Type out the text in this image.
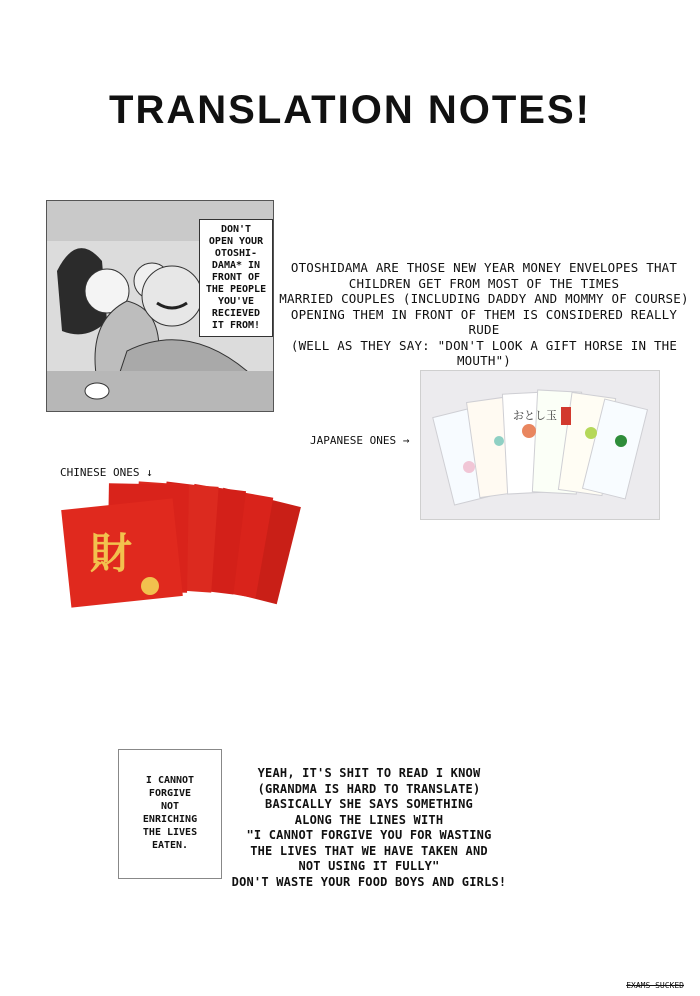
TRANSLATION NOTES!
DON'T
OPEN YOUR
OTOSHI-
DAMA* IN
FRONT OF
THE PEOPLE
YOU'VE
RECIEVED
IT FROM!
OTOSHIDAMA ARE THOSE NEW YEAR MONEY ENVELOPES THAT
CHILDREN GET FROM MOST OF THE TIMES
MARRIED COUPLES (INCLUDING DADDY AND MOMMY OF COURSE)
OPENING THEM IN FRONT OF THEM IS CONSIDERED REALLY RUDE
(WELL AS THEY SAY: "DON'T LOOK A GIFT HORSE IN THE MOUTH")
JAPANESE ONES →
おとし玉
CHINESE ONES ↓
財
I CANNOT
FORGIVE
NOT
ENRICHING
THE LIVES
EATEN.
YEAH, IT'S SHIT TO READ I KNOW
(GRANDMA IS HARD TO TRANSLATE)
BASICALLY SHE SAYS SOMETHING
ALONG THE LINES WITH
"I CANNOT FORGIVE YOU FOR WASTING
THE LIVES THAT WE HAVE TAKEN AND
NOT USING IT FULLY"
DON'T WASTE YOUR FOOD BOYS AND GIRLS!
EXAMS SUCKED
